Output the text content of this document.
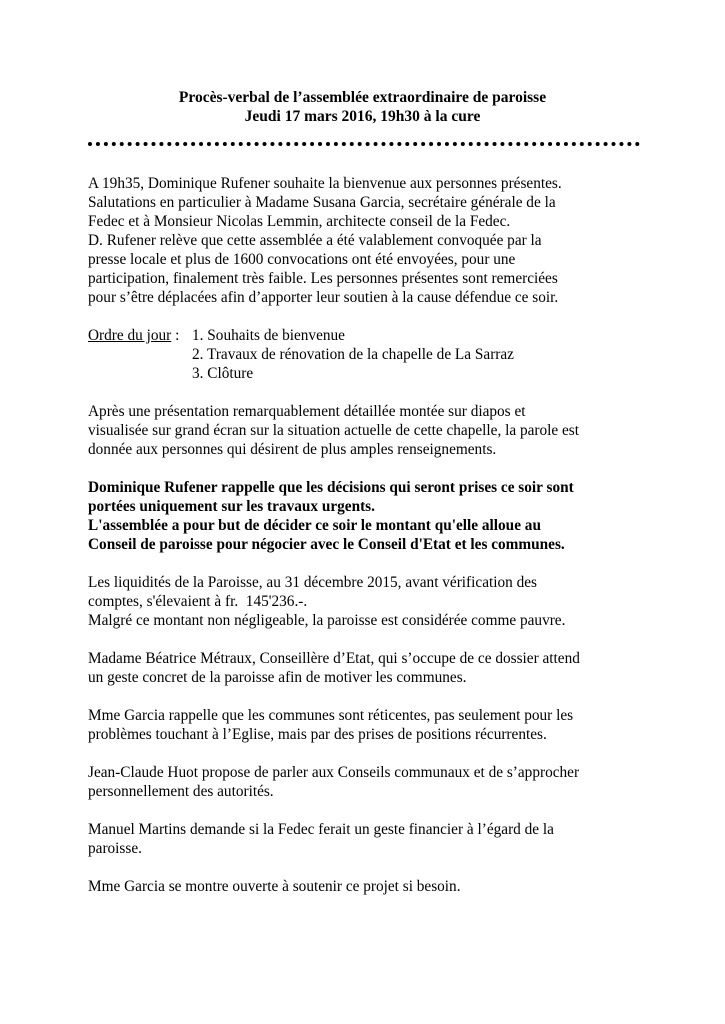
Procès-verbal de l’assemblée extraordinaire de paroisse
Jeudi 17 mars 2016, 19h30 à la cure
A 19h35, Dominique Rufener souhaite la bienvenue aux personnes présentes.
Salutations en particulier à Madame Susana Garcia, secrétaire générale de la
Fedec et à Monsieur Nicolas Lemmin, architecte conseil de la Fedec.
D. Rufener relève que cette assemblée a été valablement convoquée par la
presse locale et plus de 1600 convocations ont été envoyées, pour une
participation, finalement très faible. Les personnes présentes sont remerciées
pour s’être déplacées afin d’apporter leur soutien à la cause défendue ce soir.
Ordre du jour :1. Souhaits de bienvenue
2. Travaux de rénovation de la chapelle de La Sarraz
3. Clôture
Après une présentation remarquablement détaillée montée sur diapos et
visualisée sur grand écran sur la situation actuelle de cette chapelle, la parole est
donnée aux personnes qui désirent de plus amples renseignements.
Dominique Rufener rappelle que les décisions qui seront prises ce soir sont
portées uniquement sur les travaux urgents.
L'assemblée a pour but de décider ce soir le montant qu'elle alloue au
Conseil de paroisse pour négocier avec le Conseil d'Etat et les communes.
Les liquidités de la Paroisse, au 31 décembre 2015, avant vérification des
comptes, s'élevaient à fr.  145'236.-.
Malgré ce montant non négligeable, la paroisse est considérée comme pauvre.
Madame Béatrice Métraux, Conseillère d’Etat, qui s’occupe de ce dossier attend
un geste concret de la paroisse afin de motiver les communes.
Mme Garcia rappelle que les communes sont réticentes, pas seulement pour les
problèmes touchant à l’Eglise, mais par des prises de positions récurrentes.
Jean-Claude Huot propose de parler aux Conseils communaux et de s’approcher
personnellement des autorités.
Manuel Martins demande si la Fedec ferait un geste financier à l’égard de la
paroisse.
Mme Garcia se montre ouverte à soutenir ce projet si besoin.
